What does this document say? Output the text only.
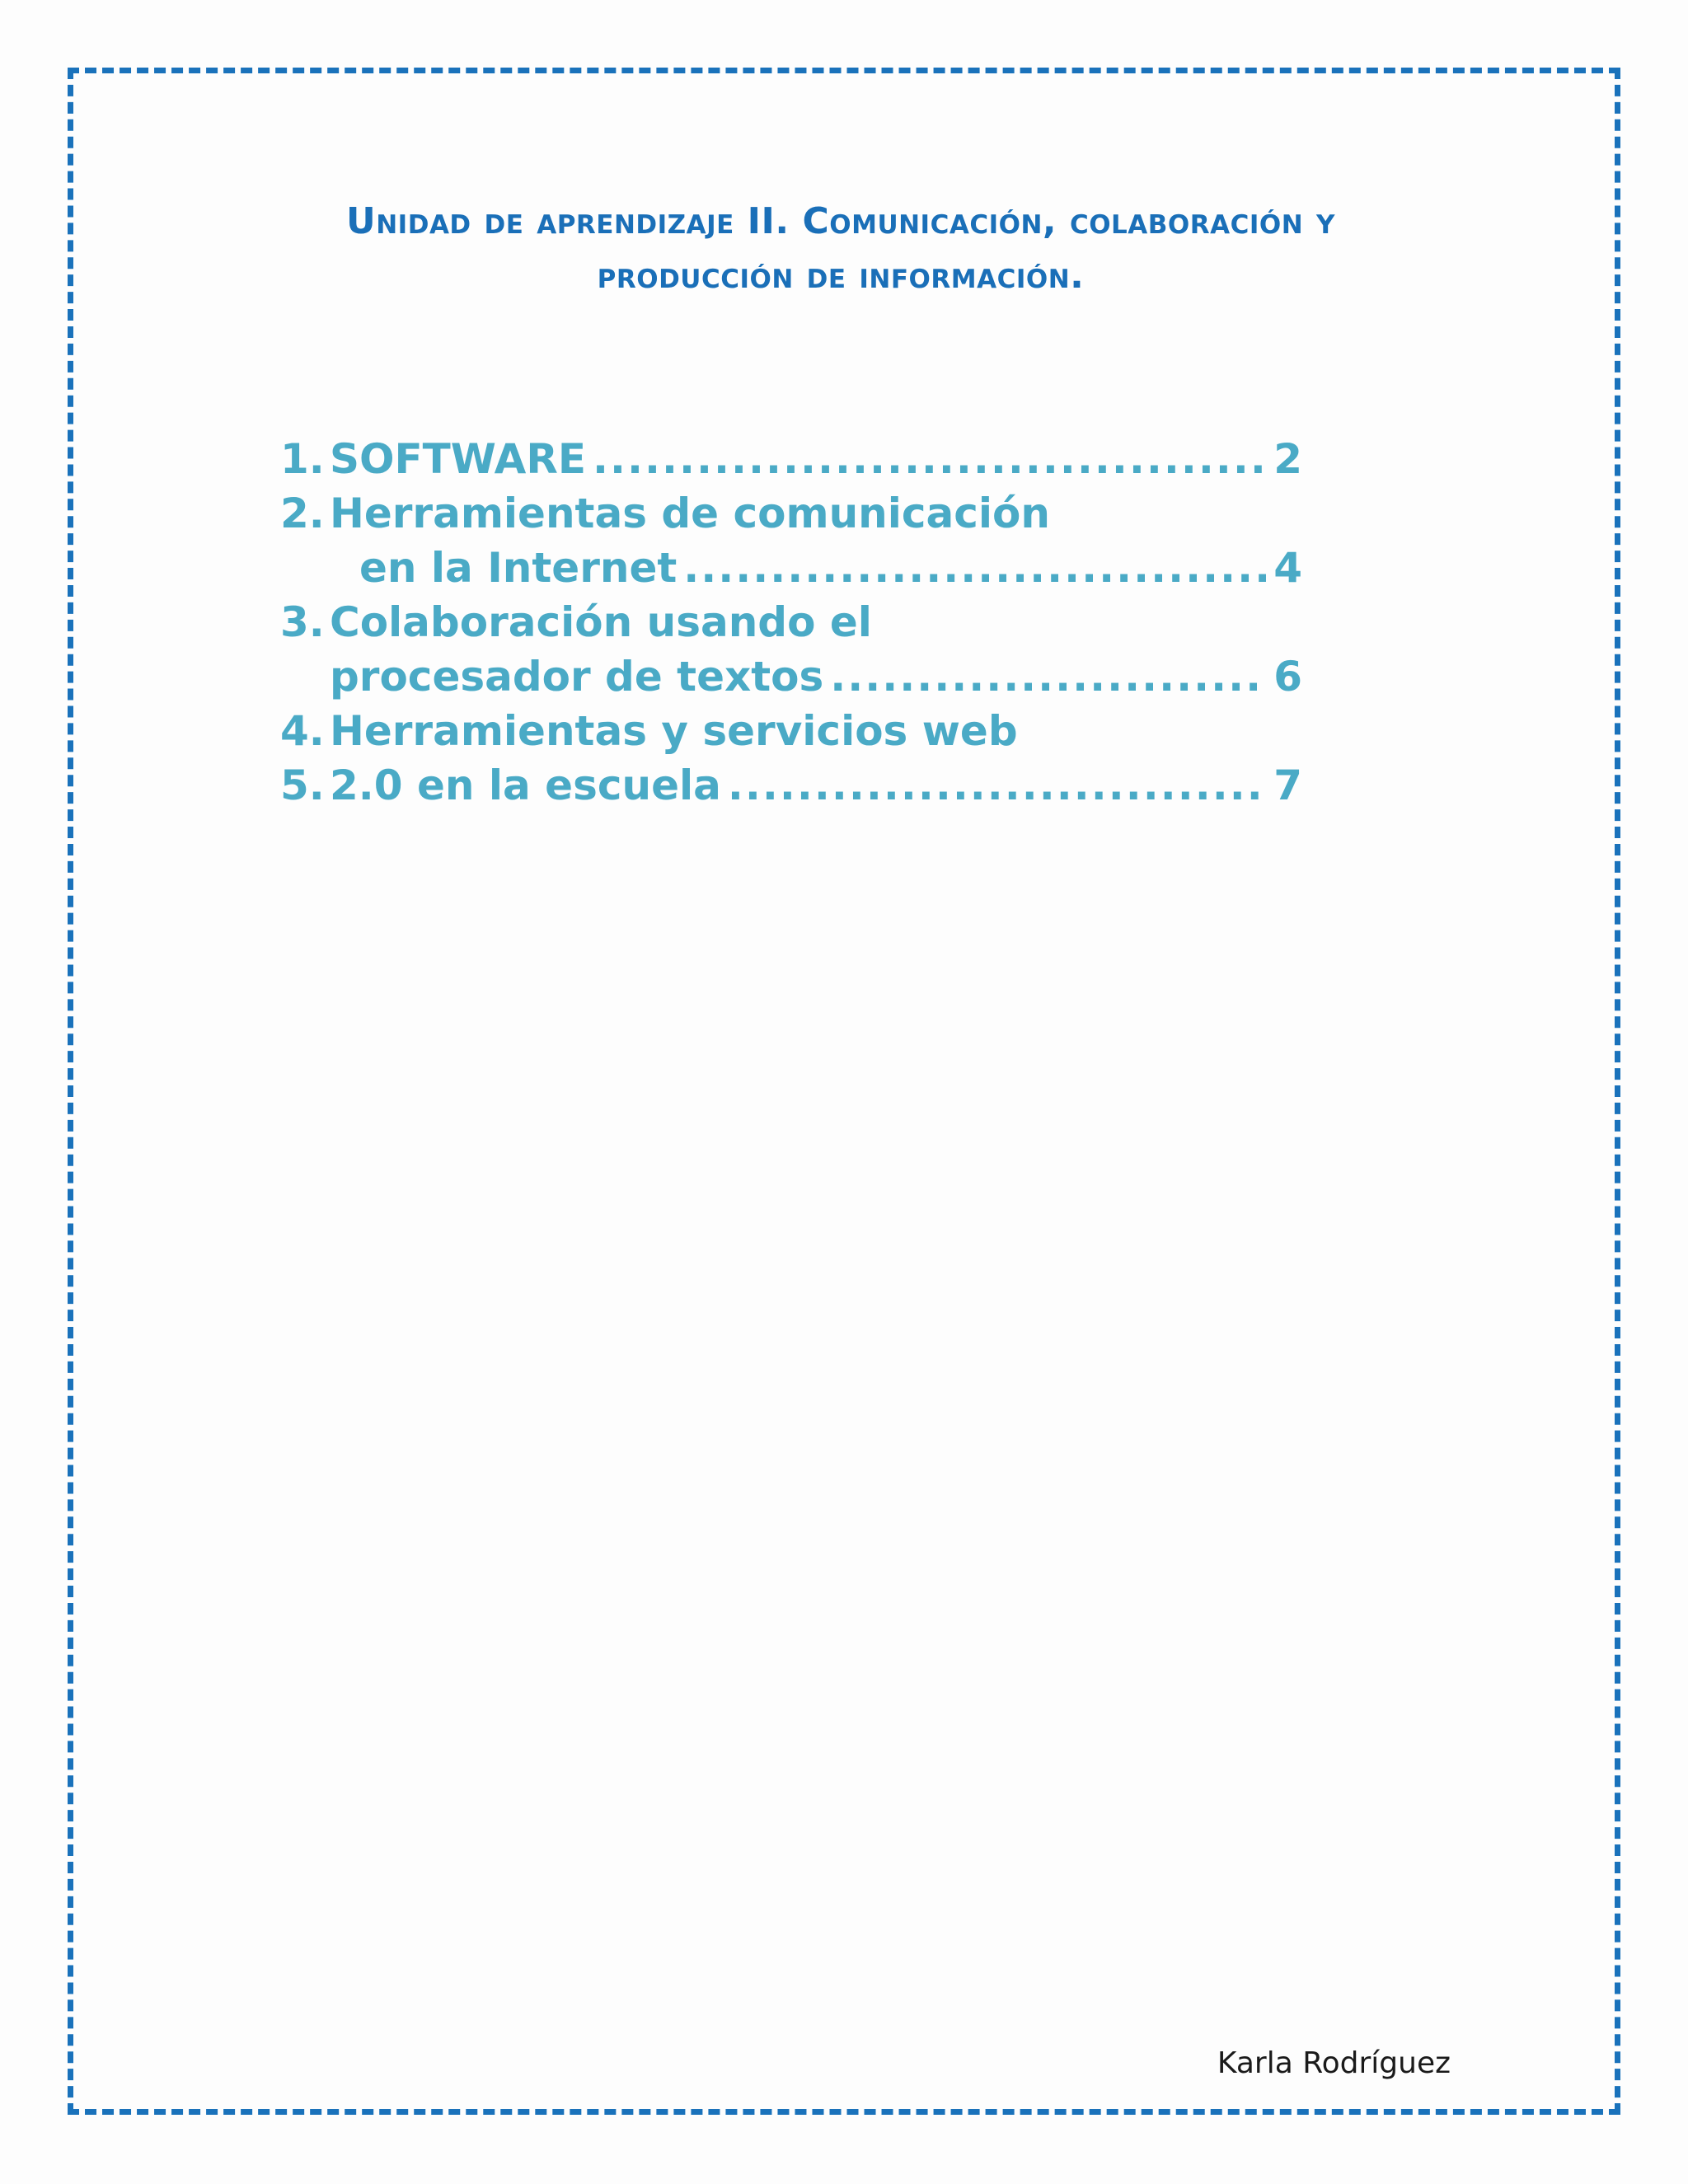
Unidad de aprendizaje II. Comunicación, colaboración y
producción de información.
1. SOFTWARE .....	2
2. Herramientas de comunicación
en la Internet .....	4
3. Colaboración usando el
procesador de textos .....	6
4. Herramientas y servicios web
5. 2.0 en la escuela .....	7
Karla Rodríguez
